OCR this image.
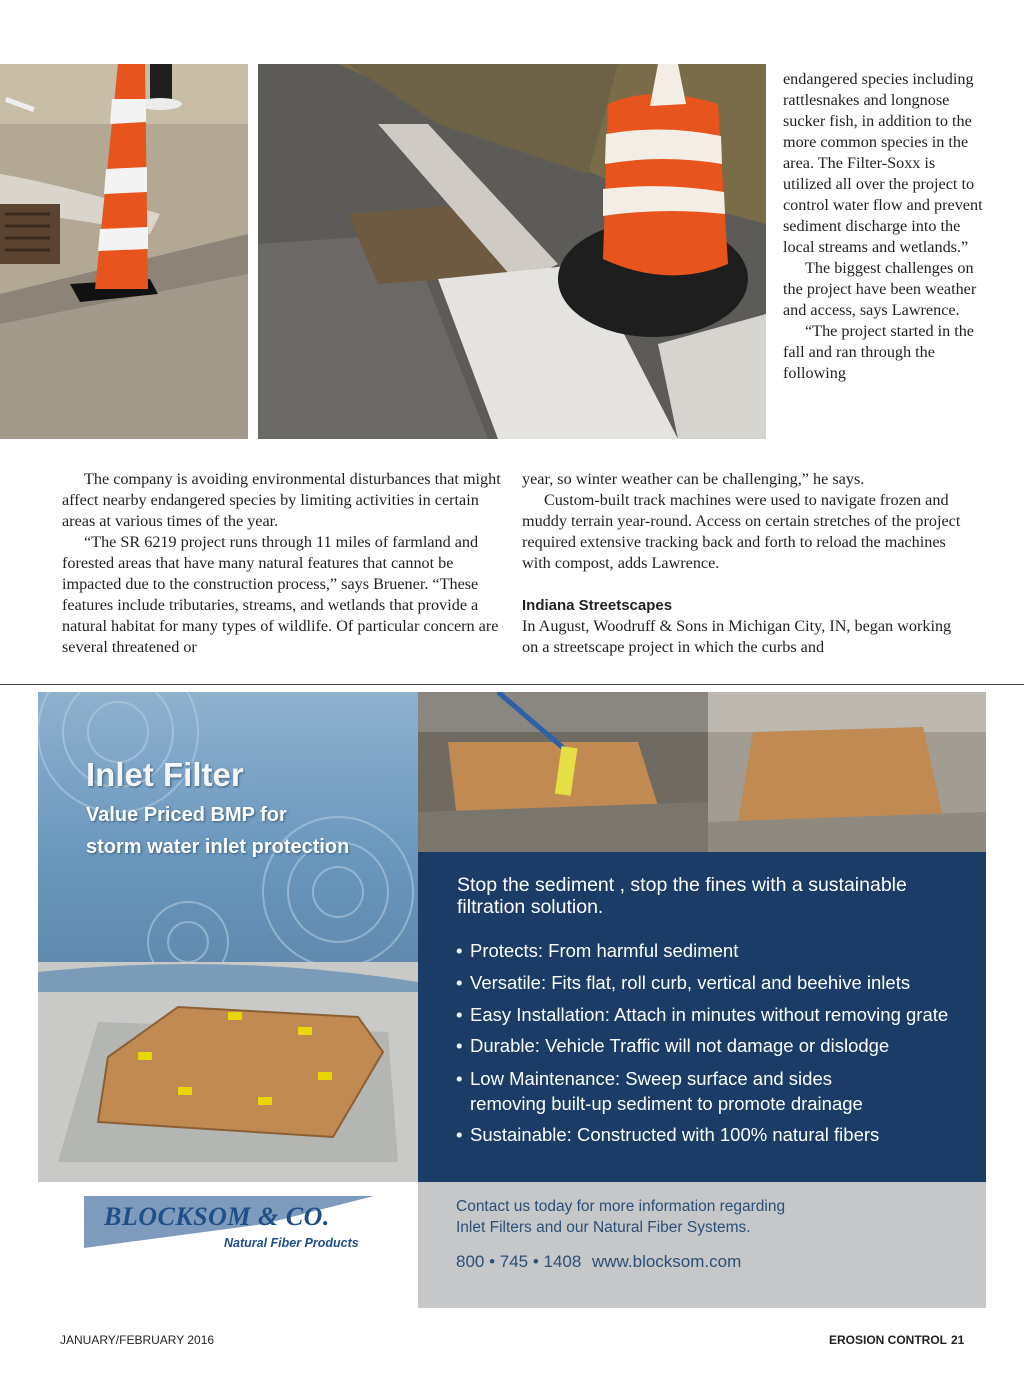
endangered species including rattlesnakes and longnose sucker fish, in addition to the more common species in the area. The Filter-Soxx is utilized all over the project to control water flow and prevent sediment discharge into the local streams and wetlands.”

The biggest challenges on the project have been weather and access, says Lawrence.

“The project started in the fall and ran through the following

The company is avoiding environmental disturbances that might affect nearby endangered species by limiting activities in certain areas at various times of the year.

“The SR 6219 project runs through 11 miles of farmland and forested areas that have many natural features that cannot be impacted due to the construction process,” says Bruener. “These features include tributaries, streams, and wetlands that provide a natural habitat for many types of wildlife. Of particular concern are several threatened or

year, so winter weather can be challenging,” he says.

Custom-built track machines were used to navigate frozen and muddy terrain year-round. Access on certain stretches of the project required extensive tracking back and forth to reload the machines with compost, adds Lawrence.

Indiana Streetscapes

In August, Woodruff & Sons in Michigan City, IN, began working on a streetscape project in which the curbs and

Inlet Filter
Value Priced BMP for
storm water inlet protection
Stop the sediment , stop the fines with a sustainable
filtration solution.
• Protects: From harmful sediment
• Versatile: Fits flat, roll curb, vertical and beehive inlets
• Easy Installation: Attach in minutes without removing grate
• Durable: Vehicle Traffic will not damage or dislodge
• Low Maintenance: Sweep surface and sides removing built-up sediment to promote drainage
• Sustainable: Constructed with 100% natural fibers
BLOCKSOM & CO.
Natural Fiber Products
Contact us today for more information regarding
Inlet Filters and our Natural Fiber Systems.
800 • 745 • 1408 www.blocksom.com
JANUARY/FEBRUARY 2016	EROSION CONTROL 21
